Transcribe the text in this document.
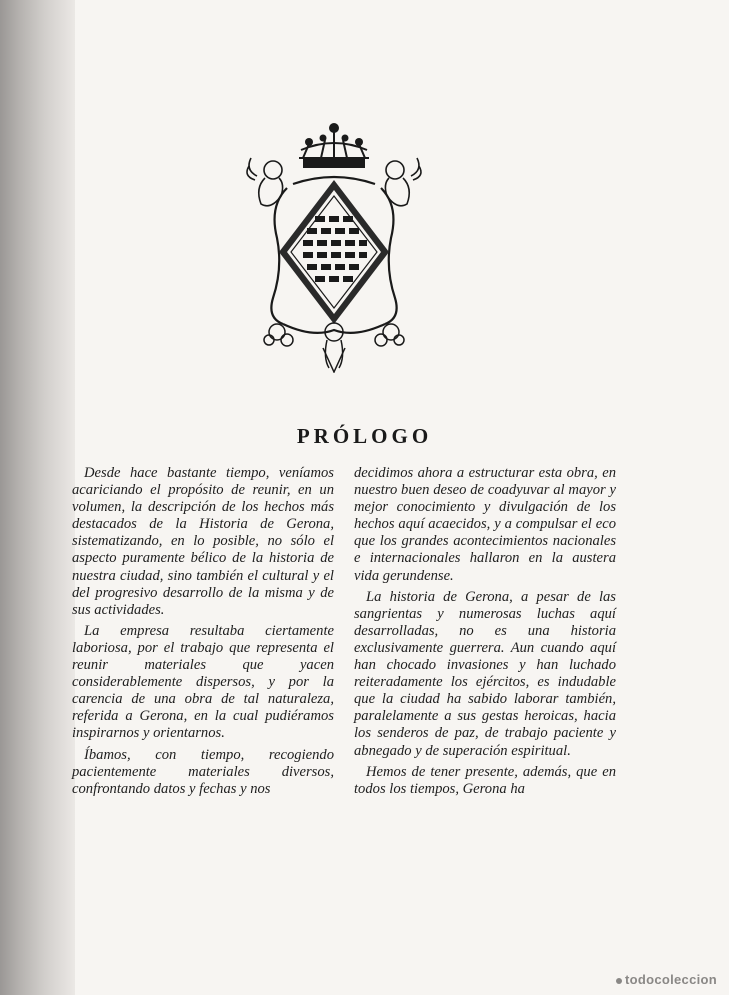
PRÓLOGO

Desde hace bastante tiempo, veníamos acariciando el propósito de reunir, en un volumen, la descripción de los hechos más destacados de la Historia de Gerona, sistematizando, en lo posible, no sólo el aspecto puramente bélico de la historia de nuestra ciudad, sino también el cultural y el del progresivo desarrollo de la misma y de sus actividades.

La empresa resultaba ciertamente laboriosa, por el trabajo que representa el reunir materiales que yacen considerablemente dispersos, y por la carencia de una obra de tal naturaleza, referida a Gerona, en la cual pudiéramos inspirarnos y orientarnos.

Íbamos, con tiempo, recogiendo pacientemente materiales diversos, confrontando datos y fechas y nos

decidimos ahora a estructurar esta obra, en nuestro buen deseo de coadyuvar al mayor y mejor conocimiento y divulgación de los hechos aquí acaecidos, y a compulsar el eco que los grandes acontecimientos nacionales e internacionales hallaron en la austera vida gerundense.

La historia de Gerona, a pesar de las sangrientas y numerosas luchas aquí desarrolladas, no es una historia exclusivamente guerrera. Aun cuando aquí han chocado invasiones y han luchado reiteradamente los ejércitos, es indudable que la ciudad ha sabido laborar también, paralelamente a sus gestas heroicas, hacia los senderos de paz, de trabajo paciente y abnegado y de superación espiritual.

Hemos de tener presente, además, que en todos los tiempos, Gerona ha

todocoleccion
